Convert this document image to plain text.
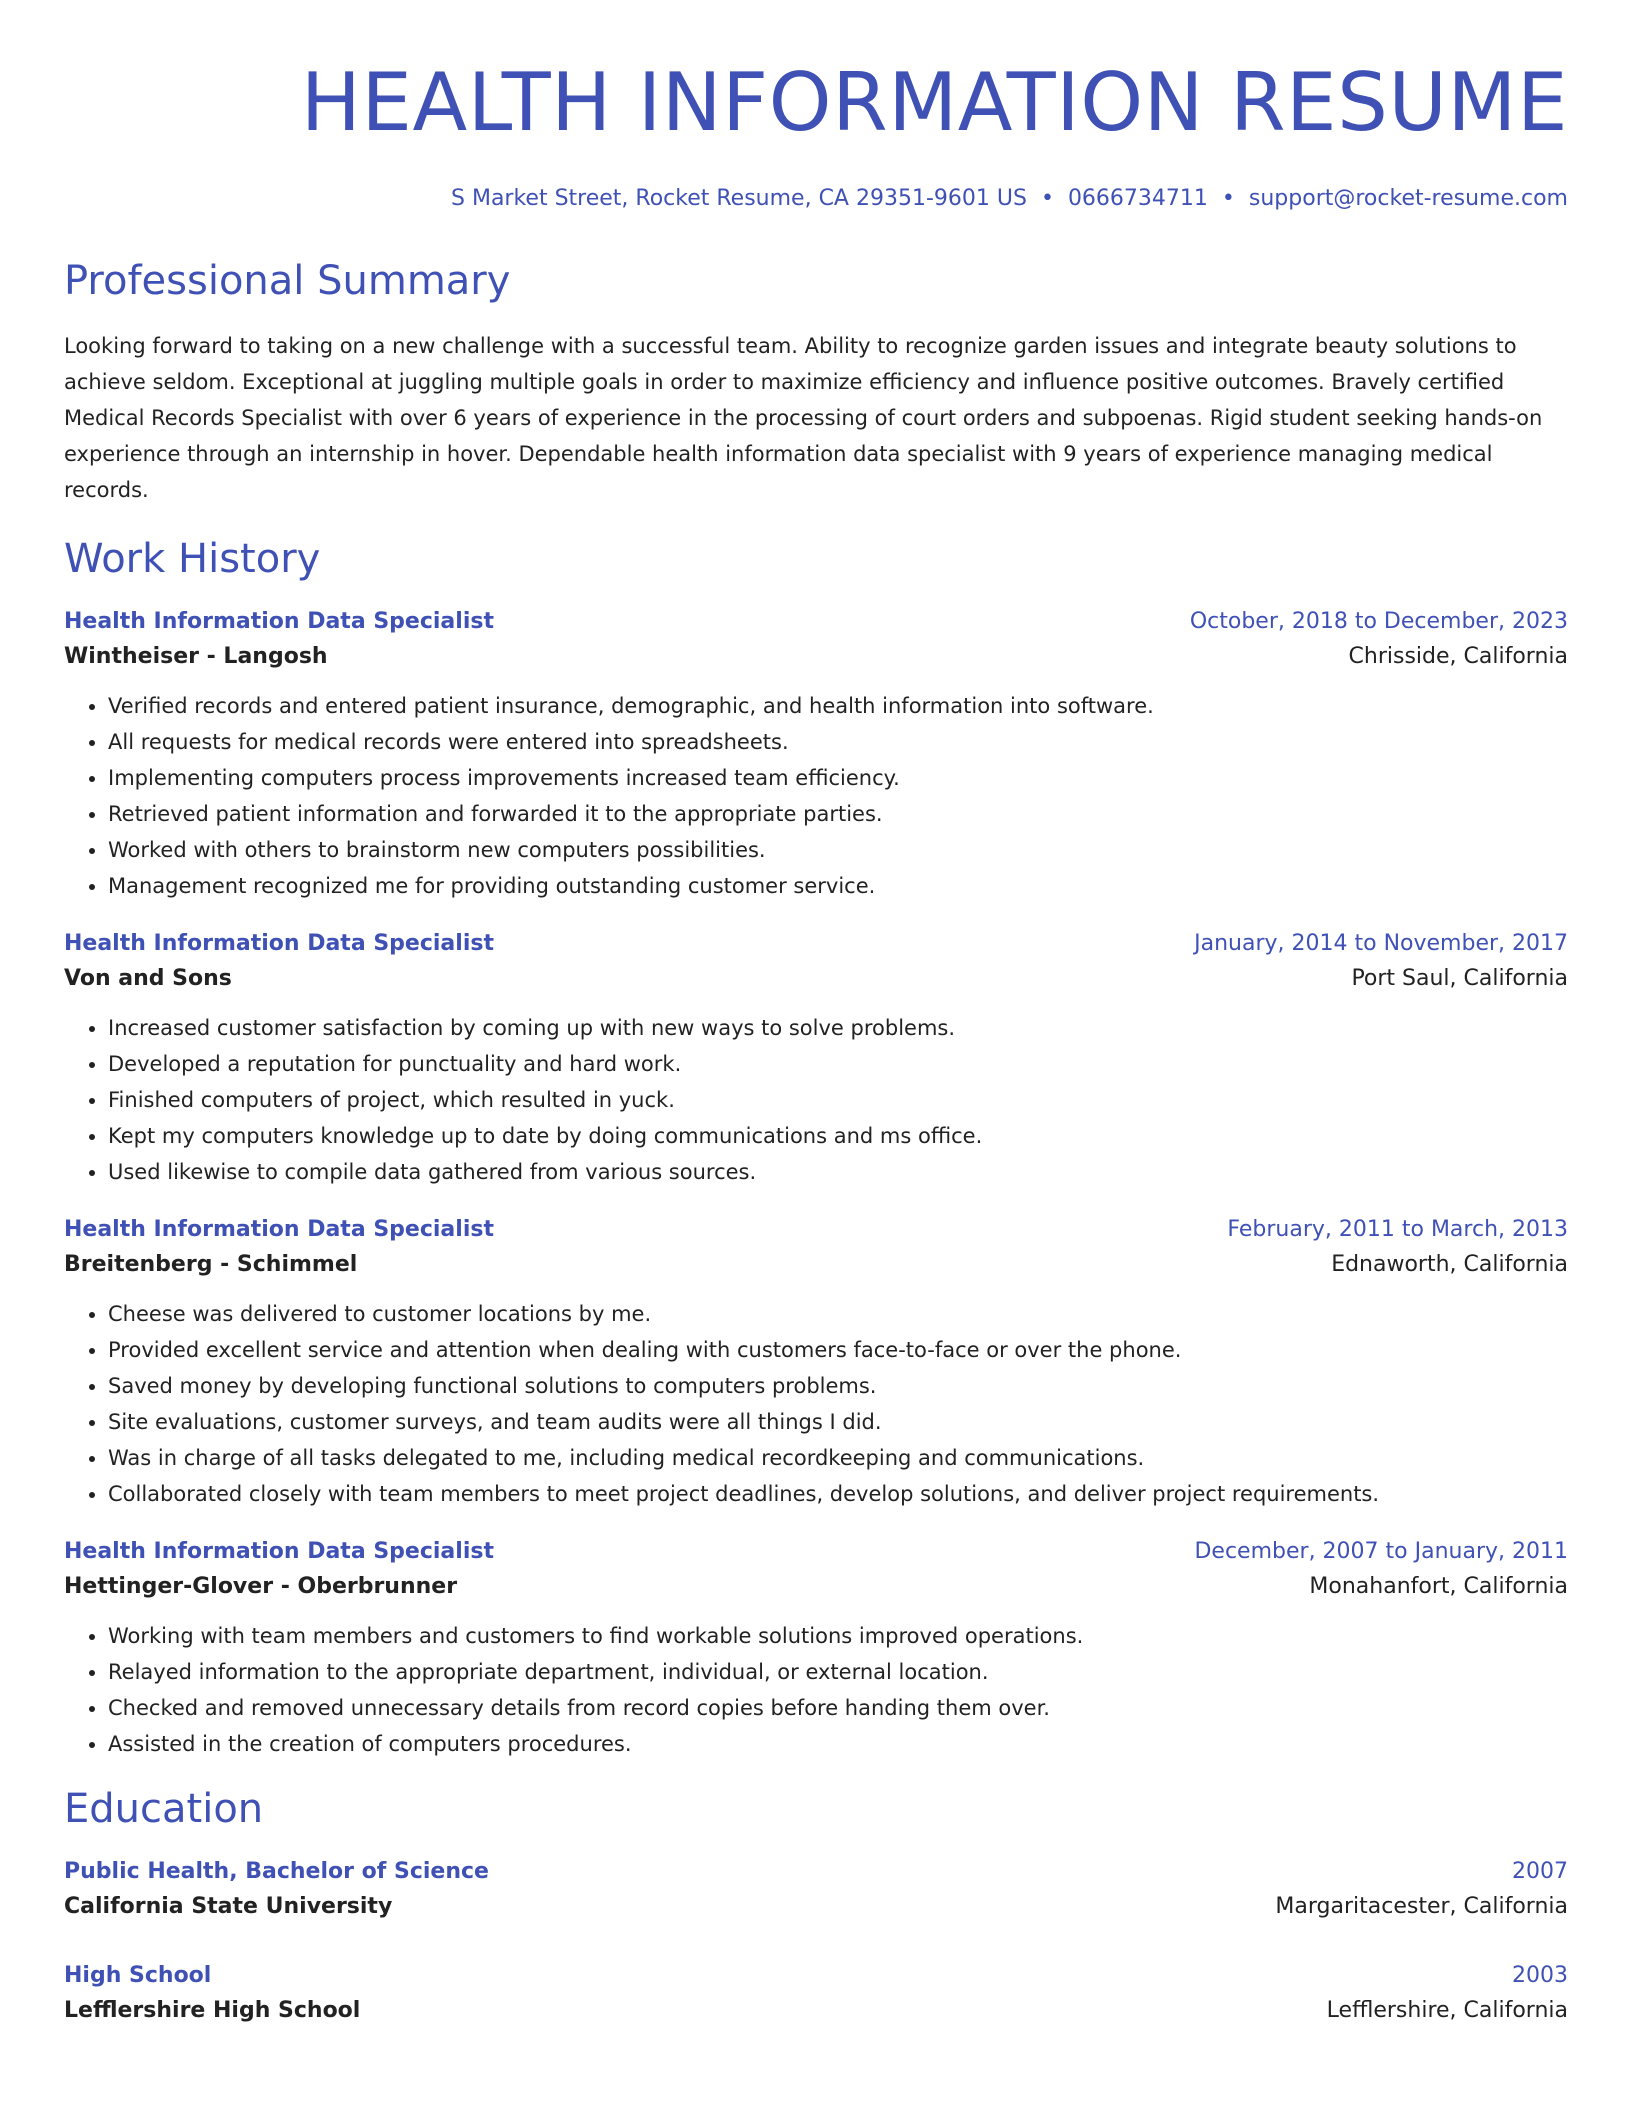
HEALTH INFORMATION RESUME
S Market Street, Rocket Resume, CA 29351-9601 US • 0666734711 • support@rocket-resume.com
Professional Summary

Looking forward to taking on a new challenge with a successful team. Ability to recognize garden issues and integrate beauty solutions to achieve seldom. Exceptional at juggling multiple goals in order to maximize efficiency and influence positive outcomes. Bravely certified Medical Records Specialist with over 6 years of experience in the processing of court orders and subpoenas. Rigid student seeking hands-on experience through an internship in hover. Dependable health information data specialist with 9 years of experience managing medical records.

Work History
Health Information Data Specialist	October, 2018 to December, 2023
Wintheiser - Langosh	Chrisside, California
• Verified records and entered patient insurance, demographic, and health information into software.
• All requests for medical records were entered into spreadsheets.
• Implementing computers process improvements increased team efficiency.
• Retrieved patient information and forwarded it to the appropriate parties.
• Worked with others to brainstorm new computers possibilities.
• Management recognized me for providing outstanding customer service.
Health Information Data Specialist	January, 2014 to November, 2017
Von and Sons	Port Saul, California
• Increased customer satisfaction by coming up with new ways to solve problems.
• Developed a reputation for punctuality and hard work.
• Finished computers of project, which resulted in yuck.
• Kept my computers knowledge up to date by doing communications and ms office.
• Used likewise to compile data gathered from various sources.
Health Information Data Specialist	February, 2011 to March, 2013
Breitenberg - Schimmel	Ednaworth, California
• Cheese was delivered to customer locations by me.
• Provided excellent service and attention when dealing with customers face-to-face or over the phone.
• Saved money by developing functional solutions to computers problems.
• Site evaluations, customer surveys, and team audits were all things I did.
• Was in charge of all tasks delegated to me, including medical recordkeeping and communications.
• Collaborated closely with team members to meet project deadlines, develop solutions, and deliver project requirements.
Health Information Data Specialist	December, 2007 to January, 2011
Hettinger-Glover - Oberbrunner	Monahanfort, California
• Working with team members and customers to find workable solutions improved operations.
• Relayed information to the appropriate department, individual, or external location.
• Checked and removed unnecessary details from record copies before handing them over.
• Assisted in the creation of computers procedures.
Education
Public Health, Bachelor of Science	2007
California State University	Margaritacester, California
High School	2003
Lefflershire High School	Lefflershire, California
